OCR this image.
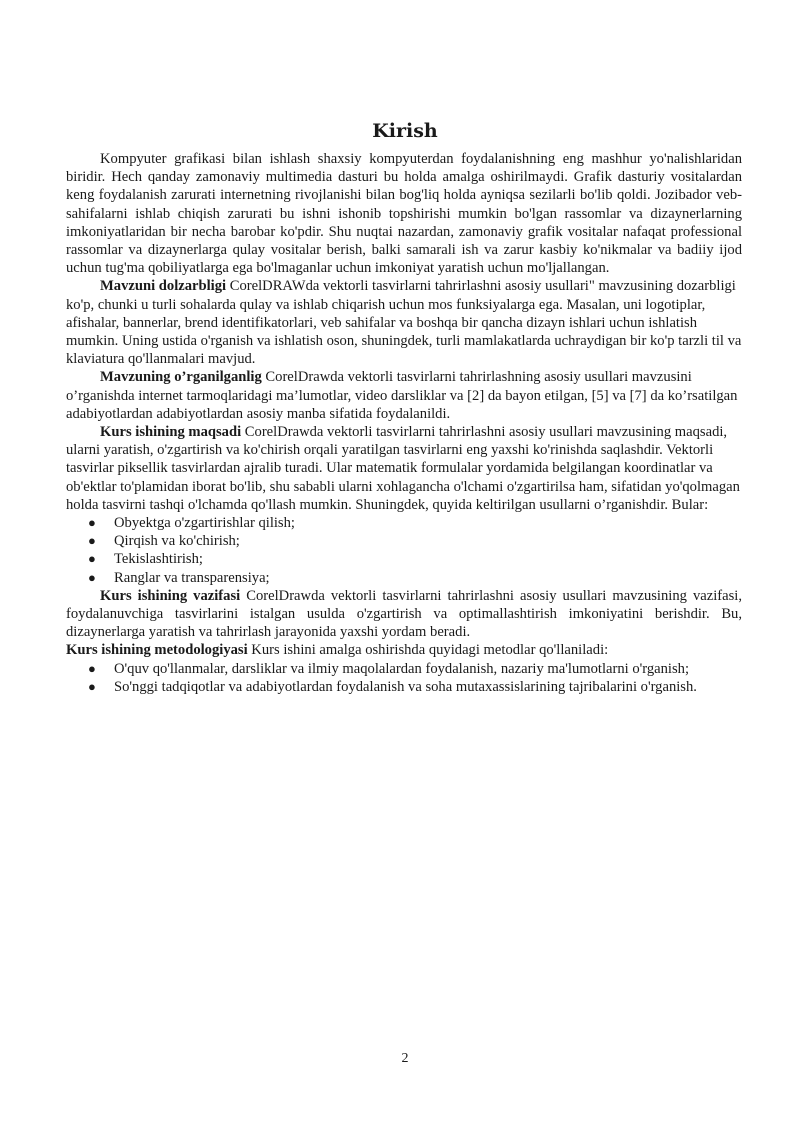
Kirish

Kompyuter grafikasi bilan ishlash shaxsiy kompyuterdan foydalanishning eng mashhur yo'nalishlaridan biridir. Hech qanday zamonaviy multimedia dasturi bu holda amalga oshirilmaydi. Grafik dasturiy vositalardan keng foydalanish zarurati internetning rivojlanishi bilan bog'liq holda ayniqsa sezilarli bo'lib qoldi. Jozibador veb-sahifalarni ishlab chiqish zarurati bu ishni ishonib topshirishi mumkin bo'lgan rassomlar va dizaynerlarning imkoniyatlaridan bir necha barobar ko'pdir. Shu nuqtai nazardan, zamonaviy grafik vositalar nafaqat professional rassomlar va dizaynerlarga qulay vositalar berish, balki samarali ish va zarur kasbiy ko'nikmalar va badiiy ijod uchun tug'ma qobiliyatlarga ega bo'lmaganlar uchun imkoniyat yaratish uchun mo'ljallangan.

Mavzuni dolzarbligi CorelDRAWda vektorli tasvirlarni tahrirlashni asosiy usullari" mavzusining dozarbligi ko'p, chunki u turli sohalarda qulay va ishlab chiqarish uchun mos funksiyalarga ega. Masalan, uni logotiplar, afishalar, bannerlar, brend identifikatorlari, veb sahifalar va boshqa bir qancha dizayn ishlari uchun ishlatish mumkin. Uning ustida o'rganish va ishlatish oson, shuningdek, turli mamlakatlarda uchraydigan bir ko'p tarzli til va klaviatura qo'llanmalari mavjud.

Mavzuning o’rganilganlig CorelDrawda vektorli tasvirlarni tahrirlashning asosiy usullari mavzusini o’rganishda internet tarmoqlaridagi ma’lumotlar, video darsliklar va [2] da bayon etilgan, [5] va [7] da ko’rsatilgan adabiyotlardan adabiyotlardan asosiy manba sifatida foydalanildi.

Kurs ishining maqsadi CorelDrawda vektorli tasvirlarni tahrirlashni asosiy usullari mavzusining maqsadi, ularni yaratish, o'zgartirish va ko'chirish orqali yaratilgan tasvirlarni eng yaxshi ko'rinishda saqlashdir. Vektorli tasvirlar piksellik tasvirlardan ajralib turadi. Ular matematik formulalar yordamida belgilangan koordinatlar va ob'ektlar to'plamidan iborat bo'lib, shu sababli ularni xohlagancha o'lchami o'zgartirilsa ham, sifatidan yo'qolmagan holda tasvirni tashqi o'lchamda qo'llash mumkin. Shuningdek, quyida keltirilgan usullarni o’rganishdir. Bular:

● Obyektga o'zgartirishlar qilish;
● Qirqish va ko'chirish;
● Tekislashtirish;
● Ranglar va transparensiya;

Kurs ishining vazifasi CorelDrawda vektorli tasvirlarni tahrirlashni asosiy usullari mavzusining vazifasi, foydalanuvchiga tasvirlarini istalgan usulda o'zgartirish va optimallashtirish imkoniyatini berishdir. Bu, dizaynerlarga yaratish va tahrirlash jarayonida yaxshi yordam beradi.

Kurs ishining metodologiyasi Kurs ishini amalga oshirishda quyidagi metodlar qo'llaniladi:

● O'quv qo'llanmalar, darsliklar va ilmiy maqolalardan foydalanish, nazariy ma'lumotlarni o'rganish;
● So'nggi tadqiqotlar va adabiyotlardan foydalanish va soha mutaxassislarining tajribalarini o'rganish.
2
